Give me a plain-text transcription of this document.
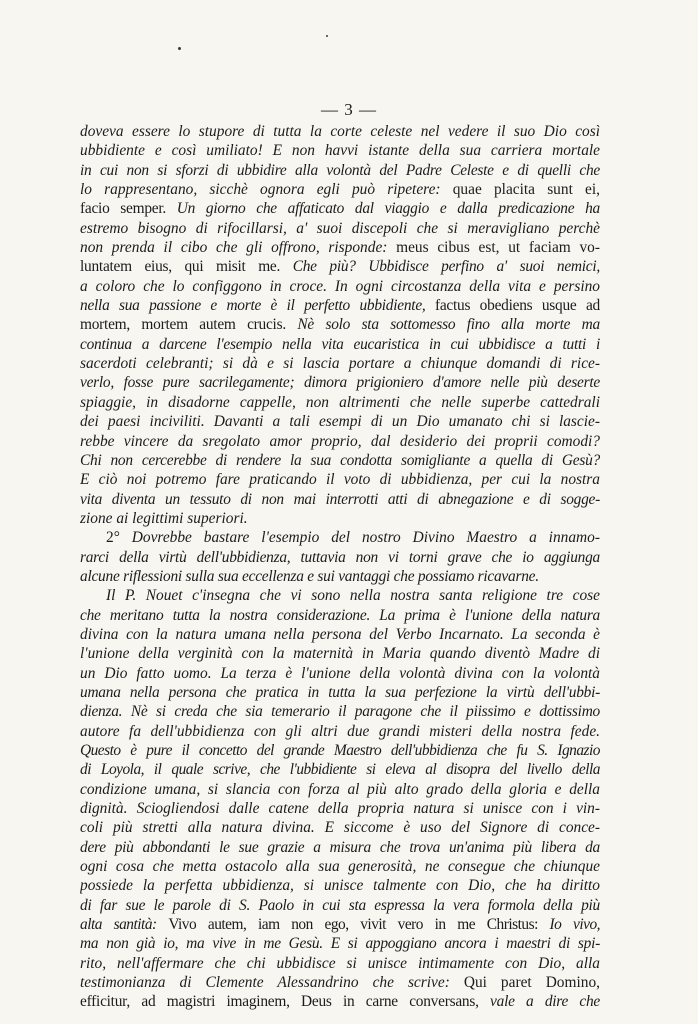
— 3 —
doveva essere lo stupore di tutta la corte celeste nel vedere il suo Dio così
ubbidiente e così umiliato! E non havvi istante della sua carriera mortale
in cui non si sforzi di ubbidire alla volontà del Padre Celeste e di quelli che
lo rappresentano, sicchè ognora egli può ripetere: quae placita sunt ei,
facio semper. Un giorno che affaticato dal viaggio e dalla predicazione ha
estremo bisogno di rifocillarsi, a' suoi discepoli che si meravigliano perchè
non prenda il cibo che gli offrono, risponde: meus cibus est, ut faciam vo-
luntatem eius, qui misit me. Che più? Ubbidisce perfino a' suoi nemici,
a coloro che lo configgono in croce. In ogni circostanza della vita e persino
nella sua passione e morte è il perfetto ubbidiente, factus obediens usque ad
mortem, mortem autem crucis. Nè solo sta sottomesso fino alla morte ma
continua a darcene l'esempio nella vita eucaristica in cui ubbidisce a tutti i
sacerdoti celebranti; si dà e si lascia portare a chiunque domandi di rice-
verlo, fosse pure sacrilegamente; dimora prigioniero d'amore nelle più deserte
spiaggie, in disadorne cappelle, non altrimenti che nelle superbe cattedrali
dei paesi inciviliti. Davanti a tali esempi di un Dio umanato chi si lascie-
rebbe vincere da sregolato amor proprio, dal desiderio dei proprii comodi?
Chi non cercerebbe di rendere la sua condotta somigliante a quella di Gesù?
E ciò noi potremo fare praticando il voto di ubbidienza, per cui la nostra
vita diventa un tessuto di non mai interrotti atti di abnegazione e di sogge-
zione ai legittimi superiori.
2° Dovrebbe bastare l'esempio del nostro Divino Maestro a innamo-
rarci della virtù dell'ubbidienza, tuttavia non vi torni grave che io aggiunga
alcune riflessioni sulla sua eccellenza e sui vantaggi che possiamo ricavarne.
Il P. Nouet c'insegna che vi sono nella nostra santa religione tre cose
che meritano tutta la nostra considerazione. La prima è l'unione della natura
divina con la natura umana nella persona del Verbo Incarnato. La seconda è
l'unione della verginità con la maternità in Maria quando diventò Madre di
un Dio fatto uomo. La terza è l'unione della volontà divina con la volontà
umana nella persona che pratica in tutta la sua perfezione la virtù dell'ubbi-
dienza. Nè si creda che sia temerario il paragone che il piissimo e dottissimo
autore fa dell'ubbidienza con gli altri due grandi misteri della nostra fede.
Questo è pure il concetto del grande Maestro dell'ubbidienza che fu S. Ignazio
di Loyola, il quale scrive, che l'ubbidiente si eleva al disopra del livello della
condizione umana, si slancia con forza al più alto grado della gloria e della
dignità. Sciogliendosi dalle catene della propria natura si unisce con i vin-
coli più stretti alla natura divina. E siccome è uso del Signore di conce-
dere più abbondanti le sue grazie a misura che trova un'anima più libera da
ogni cosa che metta ostacolo alla sua generosità, ne consegue che chiunque
possiede la perfetta ubbidienza, si unisce talmente con Dio, che ha diritto
di far sue le parole di S. Paolo in cui sta espressa la vera formola della più
alta santità: Vivo autem, iam non ego, vivit vero in me Christus: Io vivo,
ma non già io, ma vive in me Gesù. E si appoggiano ancora i maestri di spi-
rito, nell'affermare che chi ubbidisce si unisce intimamente con Dio, alla
testimonianza di Clemente Alessandrino che scrive: Qui paret Domino,
efficitur, ad magistri imaginem, Deus in carne conversans, vale a dire che
